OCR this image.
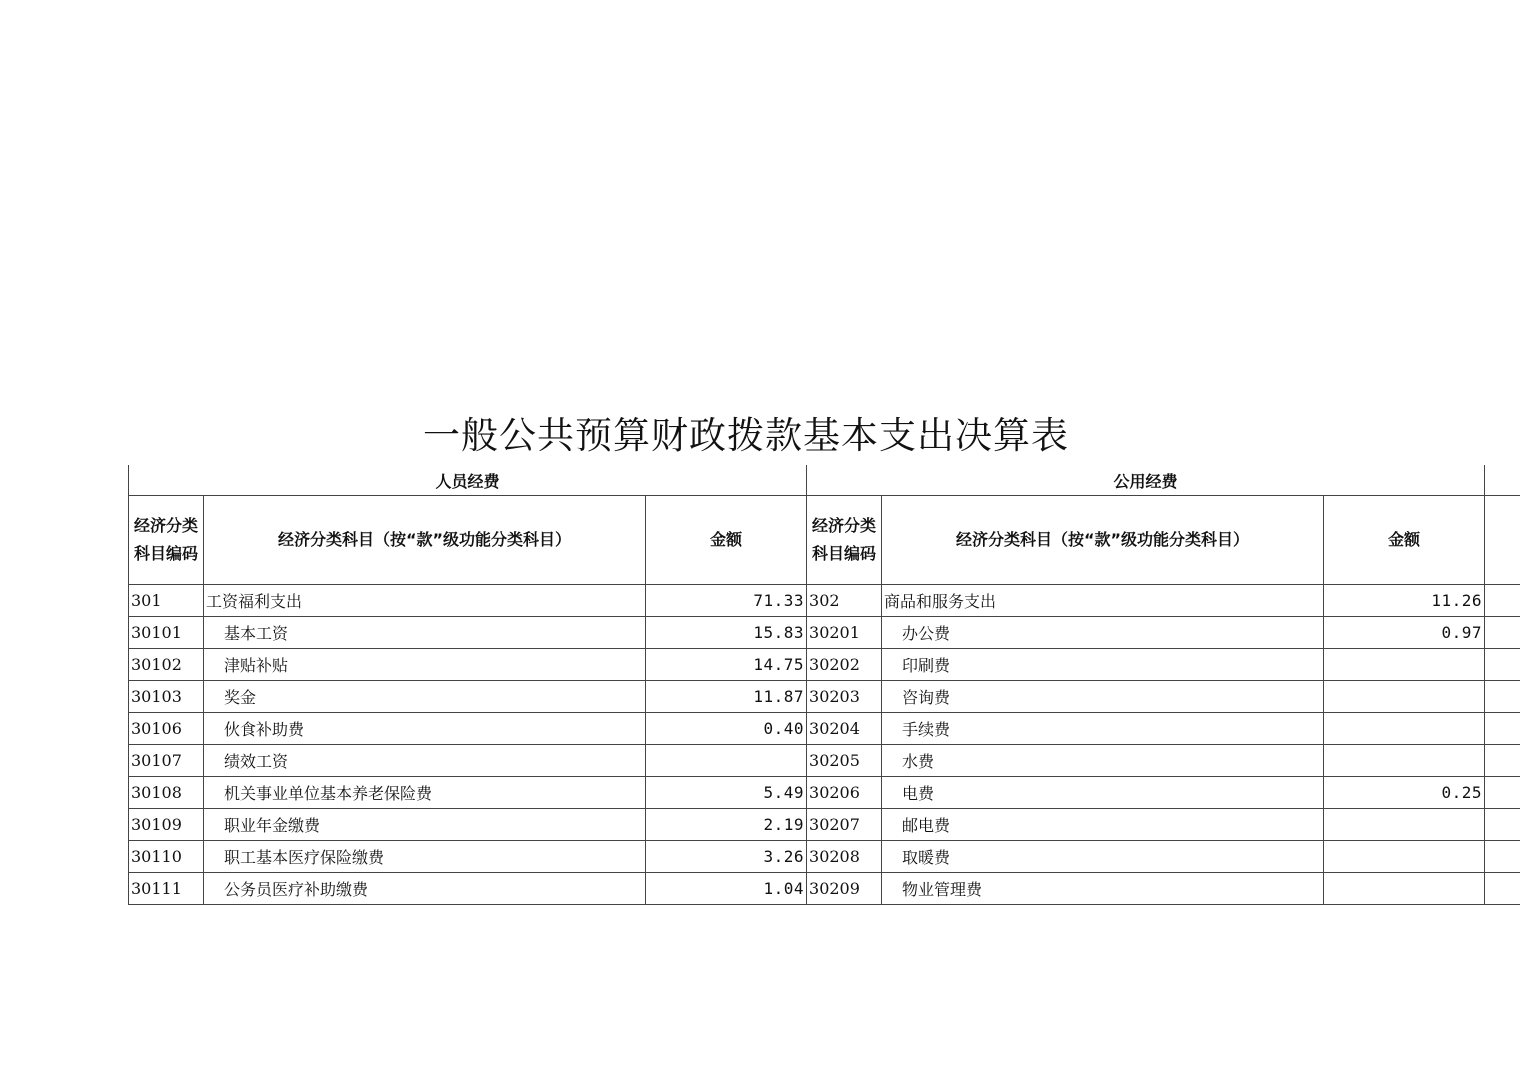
一般公共预算财政拨款基本支出决算表
人员经费			公用经费			
经济分类科目编码	经济分类科目（按“款”级功能分类科目）	金额	经济分类科目编码	经济分类科目（按“款”级功能分类科目）	金额	
301	工资福利支出	71.33	302	商品和服务支出	11.26	
30101	基本工资	15.83	30201	办公费	0.97	
30102	津贴补贴	14.75	30202	印刷费		
30103	奖金	11.87	30203	咨询费		
30106	伙食补助费	0.40	30204	手续费		
30107	绩效工资		30205	水费		
30108	机关事业单位基本养老保险费	5.49	30206	电费	0.25	
30109	职业年金缴费	2.19	30207	邮电费		
30110	职工基本医疗保险缴费	3.26	30208	取暖费		
30111	公务员医疗补助缴费	1.04	30209	物业管理费		
